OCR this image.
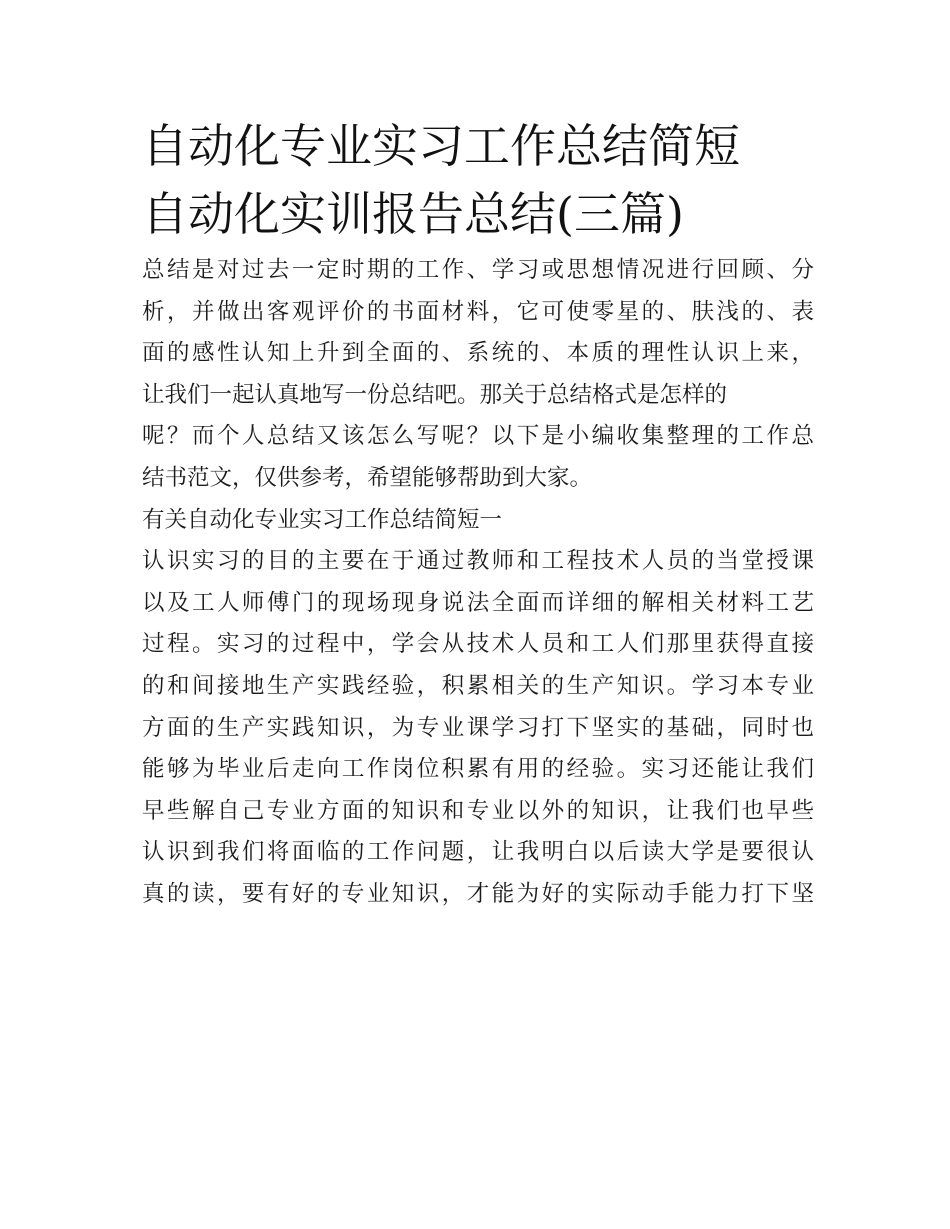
自动化专业实习工作总结简短
自动化实训报告总结(三篇)

总结是对过去一定时期的工作、学习或思想情况进行回顾、分
析，并做出客观评价的书面材料，它可使零星的、肤浅的、表
面的感性认知上升到全面的、系统的、本质的理性认识上来，
让我们一起认真地写一份总结吧。那关于总结格式是怎样的
呢？而个人总结又该怎么写呢？以下是小编收集整理的工作总
结书范文，仅供参考，希望能够帮助到大家。

有关自动化专业实习工作总结简短一

认识实习的目的主要在于通过教师和工程技术人员的当堂授课
以及工人师傅门的现场现身说法全面而详细的解相关材料工艺
过程。实习的过程中，学会从技术人员和工人们那里获得直接
的和间接地生产实践经验，积累相关的生产知识。学习本专业
方面的生产实践知识，为专业课学习打下坚实的基础，同时也
能够为毕业后走向工作岗位积累有用的经验。实习还能让我们
早些解自己专业方面的知识和专业以外的知识，让我们也早些
认识到我们将面临的工作问题，让我明白以后读大学是要很认
真的读，要有好的专业知识，才能为好的实际动手能力打下坚
